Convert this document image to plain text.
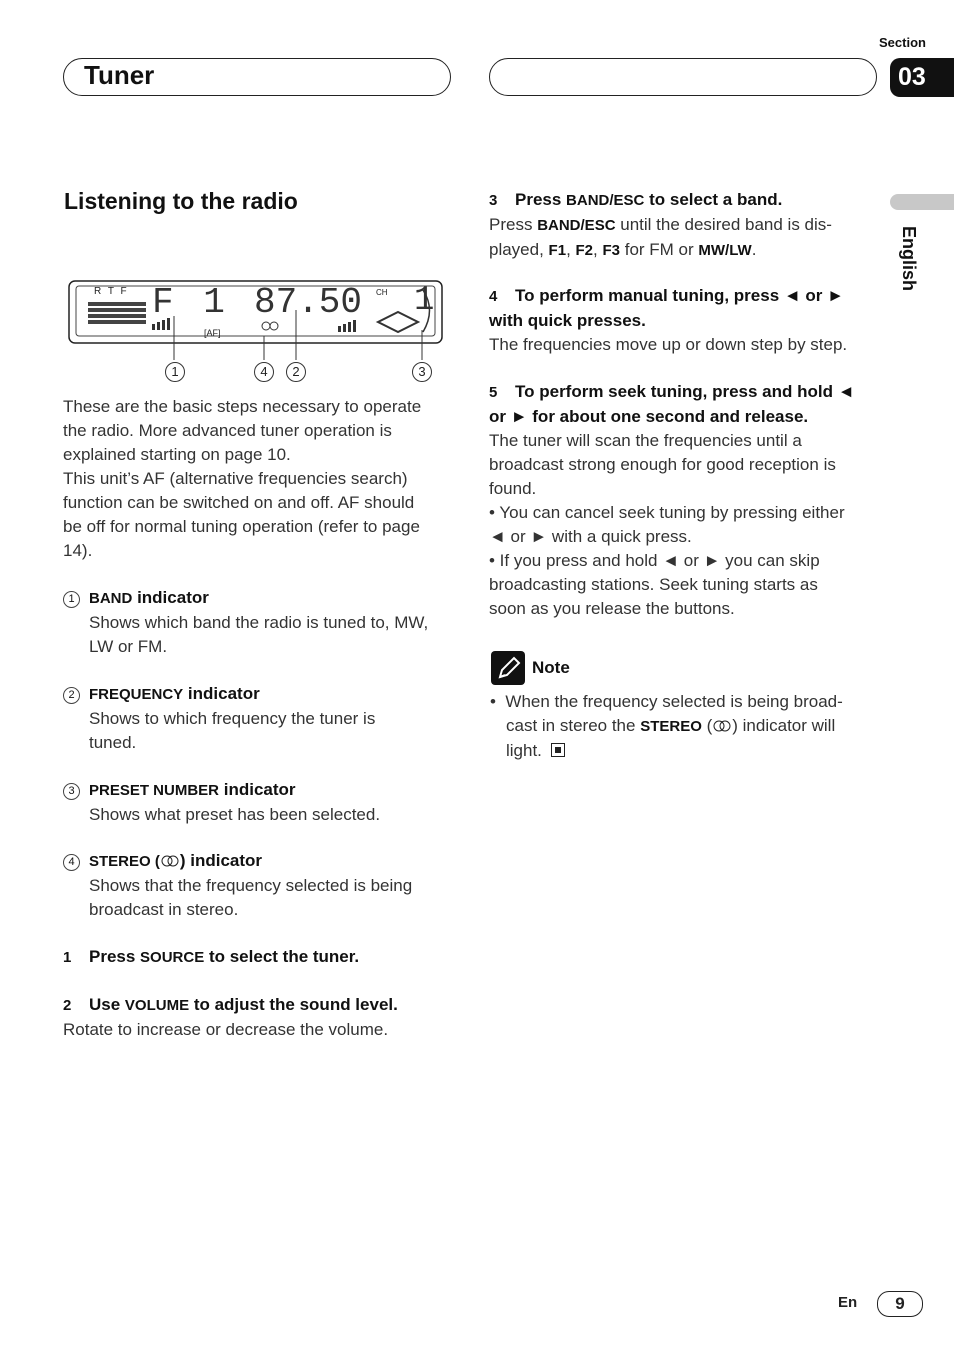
Section
03
Tuner
English
Listening to the radio
R T F F 1 87.50 CH 1
[AF]
1	4	2	3
These are the basic steps necessary to operate
the radio. More advanced tuner operation is
explained starting on page 10.
This unit’s AF (alternative frequencies search)
function can be switched on and off. AF should
be off for normal tuning operation (refer to page
14).
1 BAND indicator
Shows which band the radio is tuned to, MW,
LW or FM.
2 FREQUENCY indicator
Shows to which frequency the tuner is
tuned.
3 PRESET NUMBER indicator
Shows what preset has been selected.
4 STEREO ( ) indicator
Shows that the frequency selected is being
broadcast in stereo.
1 Press SOURCE to select the tuner.
2 Use VOLUME to adjust the sound level.
Rotate to increase or decrease the volume.
3 Press BAND/ESC to select a band.
Press BAND/ESC until the desired band is dis-
played, F1, F2, F3 for FM or MW/LW.
4 To perform manual tuning, press ◄ or ►
with quick presses.
The frequencies move up or down step by step.
5 To perform seek tuning, press and hold ◄
or ► for about one second and release.
The tuner will scan the frequencies until a
broadcast strong enough for good reception is
found.
• You can cancel seek tuning by pressing either
◄ or ► with a quick press.
• If you press and hold ◄ or ► you can skip
broadcasting stations. Seek tuning starts as
soon as you release the buttons.
Note
•  When the frequency selected is being broad-
cast in stereo the STEREO ( ) indicator will
light.
En	9
